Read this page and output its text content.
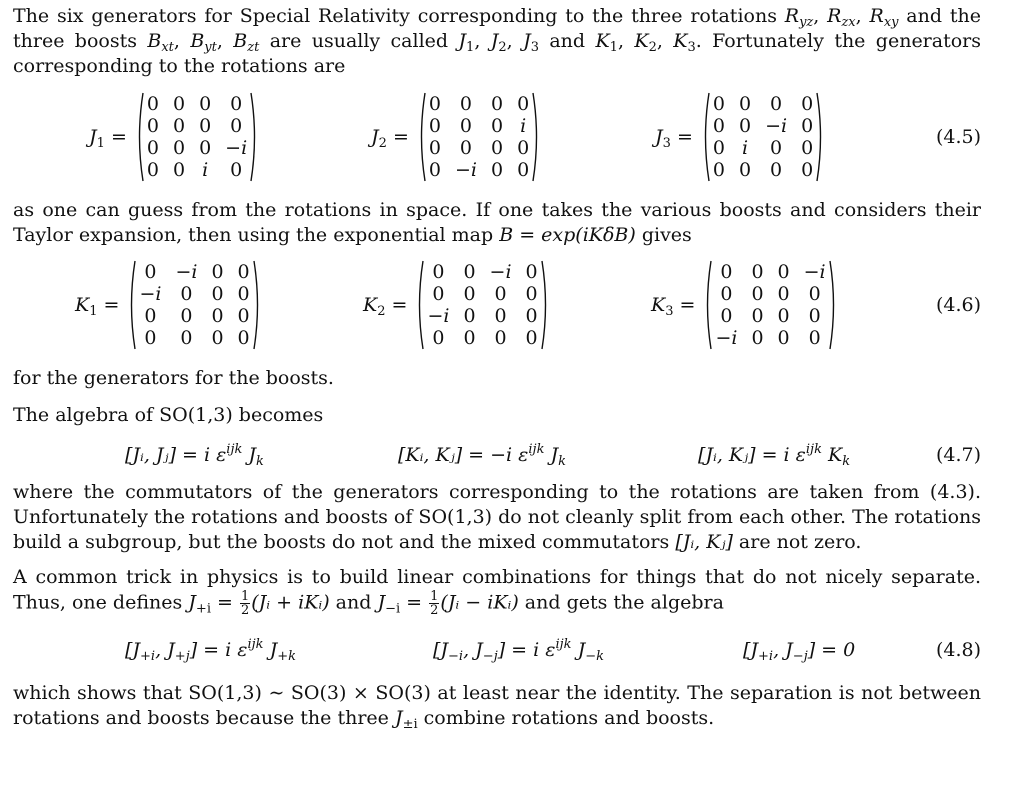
The six generators for Special Relativity corresponding to the three rotations $R_{yz}$, $R_{zx}$, $R_{xy}$ and the three boosts $B_{xt}$, $B_{yt}$, $B_{zt}$ are usually called $J_1$, $J_2$, $J_3$ and $K_1$, $K_2$, $K_3$. Fortunately the generators corresponding to the rotations are

$J_1$ =
0 0 0 0
0 0 0 0
0 0 0 −i
0 0 i 0
$J_2$ =
0 0 0 0
0 0 0 i
0 0 0 0
0 −i 0 0
$J_3$ =
0 0 0 0
0 0 −i 0
0 i 0 0
0 0 0 0
(4.5)

as one can guess from the rotations in space. If one takes the various boosts and considers their Taylor expansion, then using the exponential map B = exp(iKδB) gives

$K_1$ =
0 −i 0 0
−i 0 0 0
0 0 0 0
0 0 0 0
$K_2$ =
0 0 −i 0
0 0 0 0
−i 0 0 0
0 0 0 0
$K_3$ =
0 0 0 −i
0 0 0 0
0 0 0 0
−i 0 0 0
(4.6)

for the generators for the boosts.

The algebra of SO(1,3) becomes

[Jᵢ, Jⱼ] = i $\varepsilon^{ijk}$ $J_k$	[Kᵢ, Kⱼ] = −i $\varepsilon^{ijk}$ $J_k$	[Jᵢ, Kⱼ] = i $\varepsilon^{ijk}$ $K_k$	(4.7)

where the commutators of the generators corresponding to the rotations are taken from (4.3). Unfortunately the rotations and boosts of SO(1,3) do not cleanly split from each other. The rotations build a subgroup, but the boosts do not and the mixed commutators [Jᵢ, Kⱼ] are not zero.

A common trick in physics is to build linear combinations for things that do not nicely separate. Thus, one defines $J_{+i} = \frac{1}{2}$ (Jᵢ + iKᵢ) and $J_{-i} = \frac{1}{2}$ (Jᵢ − iKᵢ) and gets the algebra

[$J_{+i}$, $J_{+j}] = i$ $\varepsilon^{ijk}$ $J_{+k}$	[$J_{-i}$, $J_{-j}] = i$ $\varepsilon^{ijk}$ $J_{-k}$	[$J_{+i}$, $J_{-j}] = 0$	(4.8)

which shows that SO(1,3) ∼ SO(3) × SO(3) at least near the identity. The separation is not between rotations and boosts because the three $J_{\pm i}$ combine rotations and boosts.
